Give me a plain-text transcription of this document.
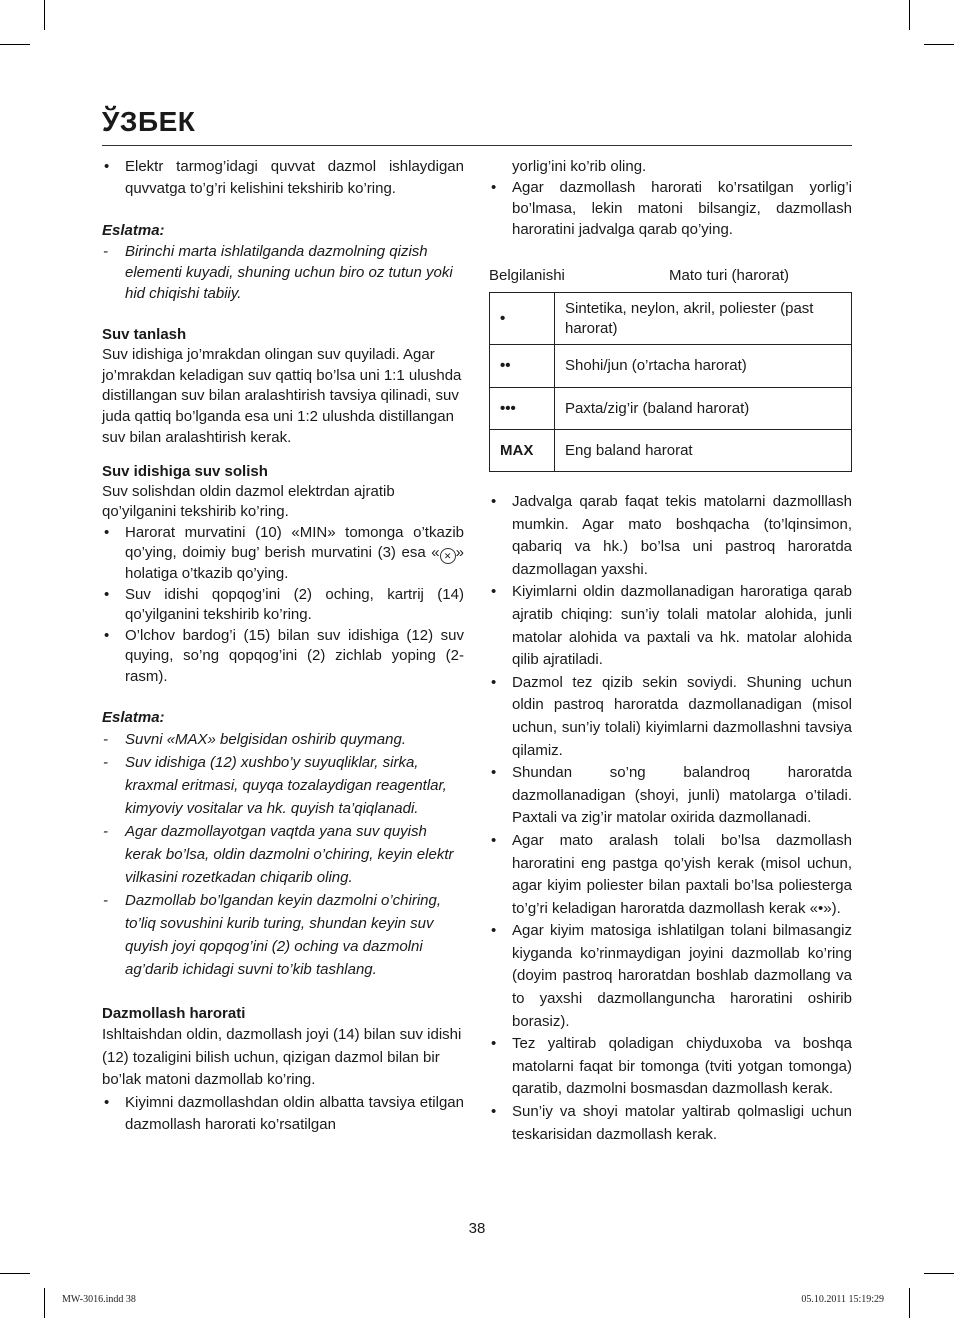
ЎЗБЕК
• Elektr tarmog’idagi quvvat dazmol ishlaydigan quvvatga to’g’ri kelishini tekshirib ko’ring.

Eslatma:

- Birinchi marta ishlatilganda dazmolning qizish elementi kuyadi, shuning uchun biro oz tutun yoki hid chiqishi tabiiy.

Suv tanlash

Suv idishiga jo’mrakdan olingan suv quyiladi. Agar jo’mrakdan keladigan suv qattiq bo’lsa uni 1:1 ulushda distillangan suv bilan aralashtirish tavsiya qilinadi, suv juda qattiq bo’lganda esa uni 1:2 ulushda distillangan suv bilan aralashtirish kerak.

Suv idishiga suv solish

Suv solishdan oldin dazmol elektrdan ajratib qo’yilganini tekshirib ko’ring.

• Harorat murvatini (10) «MIN» tomonga o’tkazib qo’ying, doimiy bug’ berish murvatini (3) esa « ✕ » holatiga o’tkazib qo’ying.
• Suv idishi qopqog’ini (2) oching, kartrij (14) qo’yilganini tekshirib ko’ring.
• O’lchov bardog’i (15) bilan suv idishiga (12) suv quying, so’ng qopqog’ini (2) zichlab yoping (2-rasm).

Eslatma:

- Suvni «MAX» belgisidan oshirib quymang.
- Suv idishiga (12) xushbo’y suyuqliklar, sirka, kraxmal eritmasi, quyqa tozalaydigan reagentlar, kimyoviy vositalar va hk. quyish ta’qiqlanadi.
- Agar dazmollayotgan vaqtda yana suv quyish kerak bo’lsa, oldin dazmolni o’chiring, keyin elektr vilkasini rozetkadan chiqarib oling.
- Dazmollab bo’lgandan keyin dazmolni o’chiring, to’liq sovushini kurib turing, shundan keyin suv quyish joyi qopqog’ini (2) oching va dazmolni ag’darib ichidagi suvni to’kib tashlang.

Dazmollash harorati

Ishltaishdan oldin, dazmollash joyi (14) bilan suv idishi (12) tozaligini bilish uchun, qizigan dazmol bilan bir bo’lak matoni dazmollab ko’ring.

• Kiyimni dazmollashdan oldin albatta tavsiya etilgan dazmollash harorati ko’rsatilgan

yorlig’ini ko’rib oling.

• Agar dazmollash harorati ko’rsatilgan yorlig’i bo’lmasa, lekin matoni bilsangiz, dazmollash haroratini jadvalga qarab qo’ying.
Belgilanishi	Mato turi (harorat)
•	Sintetika, neylon, akril, poliester (past harorat)
••	Shohi/jun (o’rtacha harorat)
•••	Paxta/zig’ir (baland harorat)
MAX	Eng baland harorat
• Jadvalga qarab faqat tekis matolarni dazmolllash mumkin. Agar mato boshqacha (to’lqinsimon, qabariq va hk.) bo’lsa uni pastroq haroratda dazmollagan yaxshi.
• Kiyimlarni oldin dazmollanadigan haroratiga qarab ajratib chiqing: sun’iy tolali matolar alohida, junli matolar alohida va paxtali va hk. matolar alohida qilib ajratiladi.
• Dazmol tez qizib sekin soviydi. Shuning uchun oldin pastroq haroratda dazmollanadigan (misol uchun, sun’iy tolali) kiyimlarni dazmollashni tavsiya qilamiz.
• Shundan so’ng balandroq haroratda dazmollanadigan (shoyi, junli) matolarga o’tiladi. Paxtali va zig’ir matolar oxirida dazmollanadi.
• Agar mato aralash tolali bo’lsa dazmollash haroratini eng pastga qo’yish kerak (misol uchun, agar kiyim poliester bilan paxtali bo’lsa poliesterga to’g’ri keladigan haroratda dazmollash kerak «•»).
• Agar kiyim matosiga ishlatilgan tolani bilmasangiz kiyganda ko’rinmaydigan joyini dazmollab ko’ring (doyim pastroq haroratdan boshlab dazmollang va to yaxshi dazmollanguncha haroratini oshirib borasiz).
• Tez yaltirab qoladigan chiyduxoba va boshqa matolarni faqat bir tomonga (tviti yotgan tomonga) qaratib, dazmolni bosmasdan dazmollash kerak.
• Sun’iy va shoyi matolar yaltirab qolmasligi uchun teskarisidan dazmollash kerak.
38
MW-3016.indd 38	05.10.2011 15:19:29
